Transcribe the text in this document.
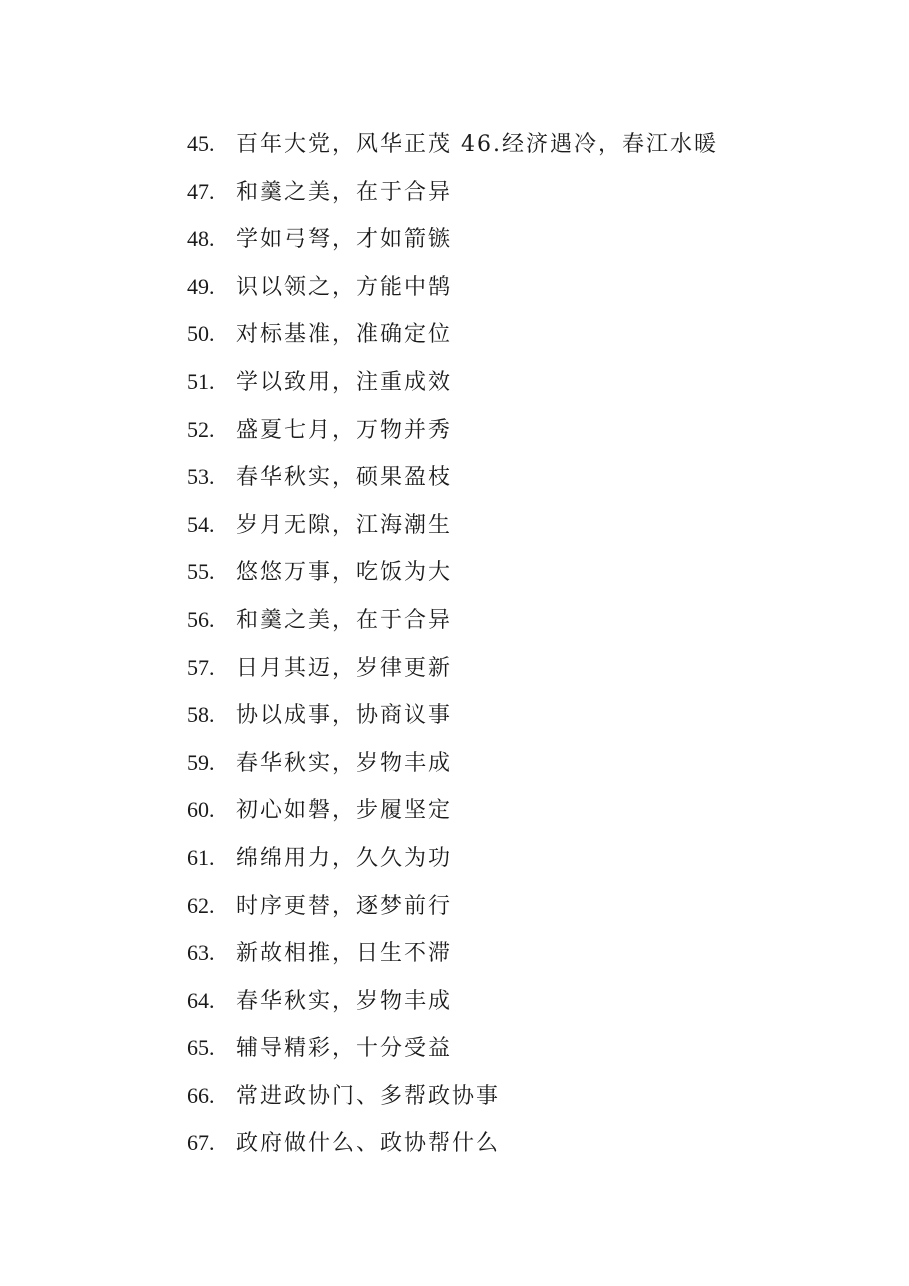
45. 百年大党，风华正茂 46.经济遇冷，春江水暖
47. 和羹之美，在于合异
48. 学如弓弩，才如箭镞
49. 识以领之，方能中鹄
50. 对标基准，准确定位
51. 学以致用，注重成效
52. 盛夏七月，万物并秀
53. 春华秋实，硕果盈枝
54. 岁月无隙，江海潮生
55. 悠悠万事，吃饭为大
56. 和羹之美，在于合异
57. 日月其迈，岁律更新
58. 协以成事，协商议事
59. 春华秋实，岁物丰成
60. 初心如磐，步履坚定
61. 绵绵用力，久久为功
62. 时序更替，逐梦前行
63. 新故相推，日生不滞
64. 春华秋实，岁物丰成
65. 辅导精彩，十分受益
66. 常进政协门、多帮政协事
67. 政府做什么、政协帮什么
